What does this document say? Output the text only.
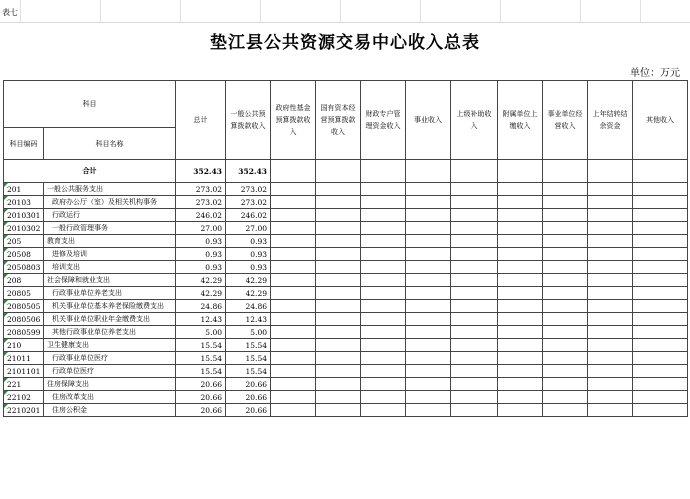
表七
垫江县公共资源交易中心收入总表
单位：万元
科目		总计	一般公共预算拨款收入	政府性基金预算拨款收入	国有资本经营预算拨款收入	财政专户管理资金收入	事业收入	上级补助收入	附属单位上缴收入	事业单位经营收入	上年结转结余资金	其他收入
科目编码	科目名称											
合计		352.43	352.43									
201	一般公共服务支出	273.02	273.02									
20103	政府办公厅（室）及相关机构事务	273.02	273.02									
2010301	行政运行	246.02	246.02									
2010302	一般行政管理事务	27.00	27.00									
205	教育支出	0.93	0.93									
20508	进修及培训	0.93	0.93									
2050803	培训支出	0.93	0.93									
208	社会保障和就业支出	42.29	42.29									
20805	行政事业单位养老支出	42.29	42.29									
2080505	机关事业单位基本养老保险缴费支出	24.86	24.86									
2080506	机关事业单位职业年金缴费支出	12.43	12.43									
2080599	其他行政事业单位养老支出	5.00	5.00									
210	卫生健康支出	15.54	15.54									
21011	行政事业单位医疗	15.54	15.54									
2101101	行政单位医疗	15.54	15.54									
221	住房保障支出	20.66	20.66									
22102	住房改革支出	20.66	20.66									
2210201	住房公积金	20.66	20.66									
